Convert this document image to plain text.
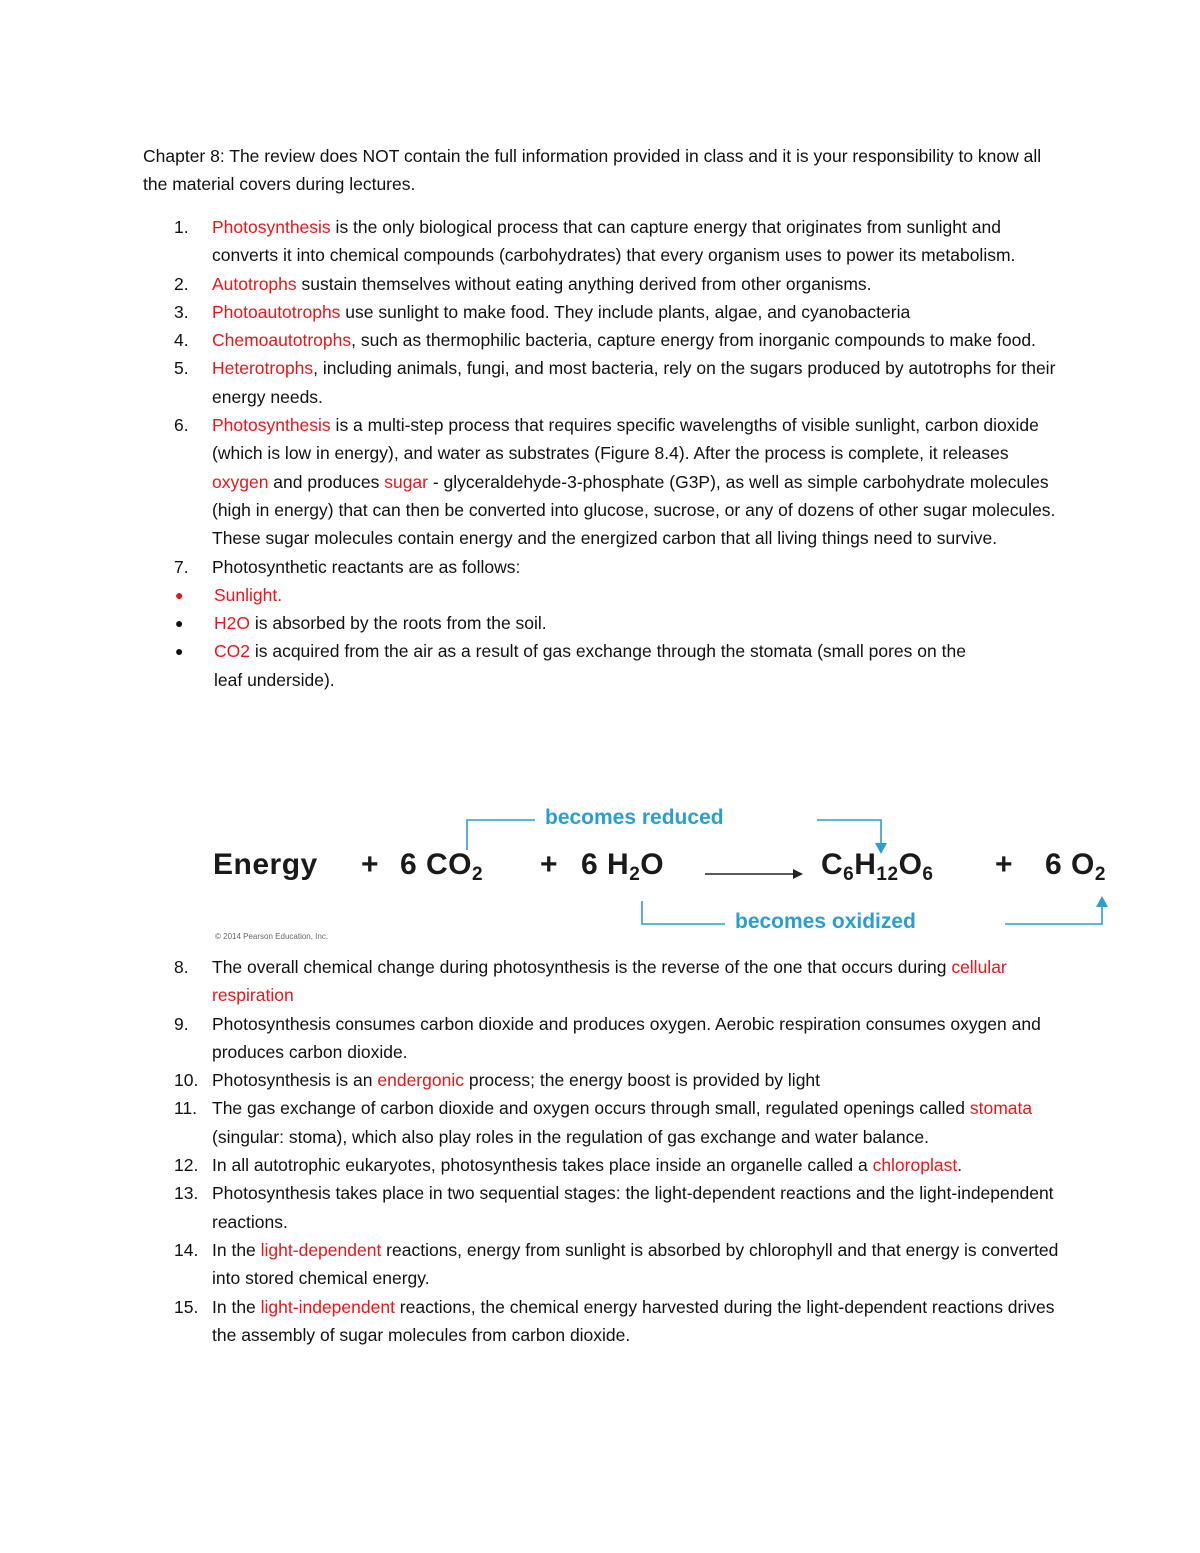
Chapter 8: The review does NOT contain the full information provided in class and it is your responsibility to know all the material covers during lectures.
1.	Photosynthesis is the only biological process that can capture energy that originates from sunlight and converts it into chemical compounds (carbohydrates) that every organism uses to power its metabolism.
2.	Autotrophs sustain themselves without eating anything derived from other organisms.
3.	Photoautotrophs use sunlight to make food. They include plants, algae, and cyanobacteria
4.	Chemoautotrophs, such as thermophilic bacteria, capture energy from inorganic compounds to make food.
5.	Heterotrophs, including animals, fungi, and most bacteria, rely on the sugars produced by autotrophs for their energy needs.
6.	Photosynthesis is a multi-step process that requires specific wavelengths of visible sunlight, carbon dioxide (which is low in energy), and water as substrates (Figure 8.4). After the process is complete, it releases oxygen and produces sugar - glyceraldehyde-3-phosphate (G3P), as well as simple carbohydrate molecules (high in energy) that can then be converted into glucose, sucrose, or any of dozens of other sugar molecules. These sugar molecules contain energy and the energized carbon that all living things need to survive.
7.	Photosynthetic reactants are as follows:
● Sunlight.
● H2O is absorbed by the roots from the soil.
● CO2 is acquired from the air as a result of gas exchange through the stomata (small pores on the leaf underside).
becomes reduced
becomes oxidized
Energy + 6 $CO_2 + 6$ $H_2O$	$C_6H_{12}O_6 + 6$ $O_2$
© 2014 Pearson Education, Inc.
8.	The overall chemical change during photosynthesis is the reverse of the one that occurs during cellular respiration
9.	Photosynthesis consumes carbon dioxide and produces oxygen. Aerobic respiration consumes oxygen and produces carbon dioxide.
10. Photosynthesis is an endergonic process; the energy boost is provided by light
11. The gas exchange of carbon dioxide and oxygen occurs through small, regulated openings called stomata (singular: stoma), which also play roles in the regulation of gas exchange and water balance.
12. In all autotrophic eukaryotes, photosynthesis takes place inside an organelle called a chloroplast.
13. Photosynthesis takes place in two sequential stages: the light-dependent reactions and the light-independent reactions.
14. In the light-dependent reactions, energy from sunlight is absorbed by chlorophyll and that energy is converted into stored chemical energy.
15. In the light-independent reactions, the chemical energy harvested during the light-dependent reactions drives the assembly of sugar molecules from carbon dioxide.
